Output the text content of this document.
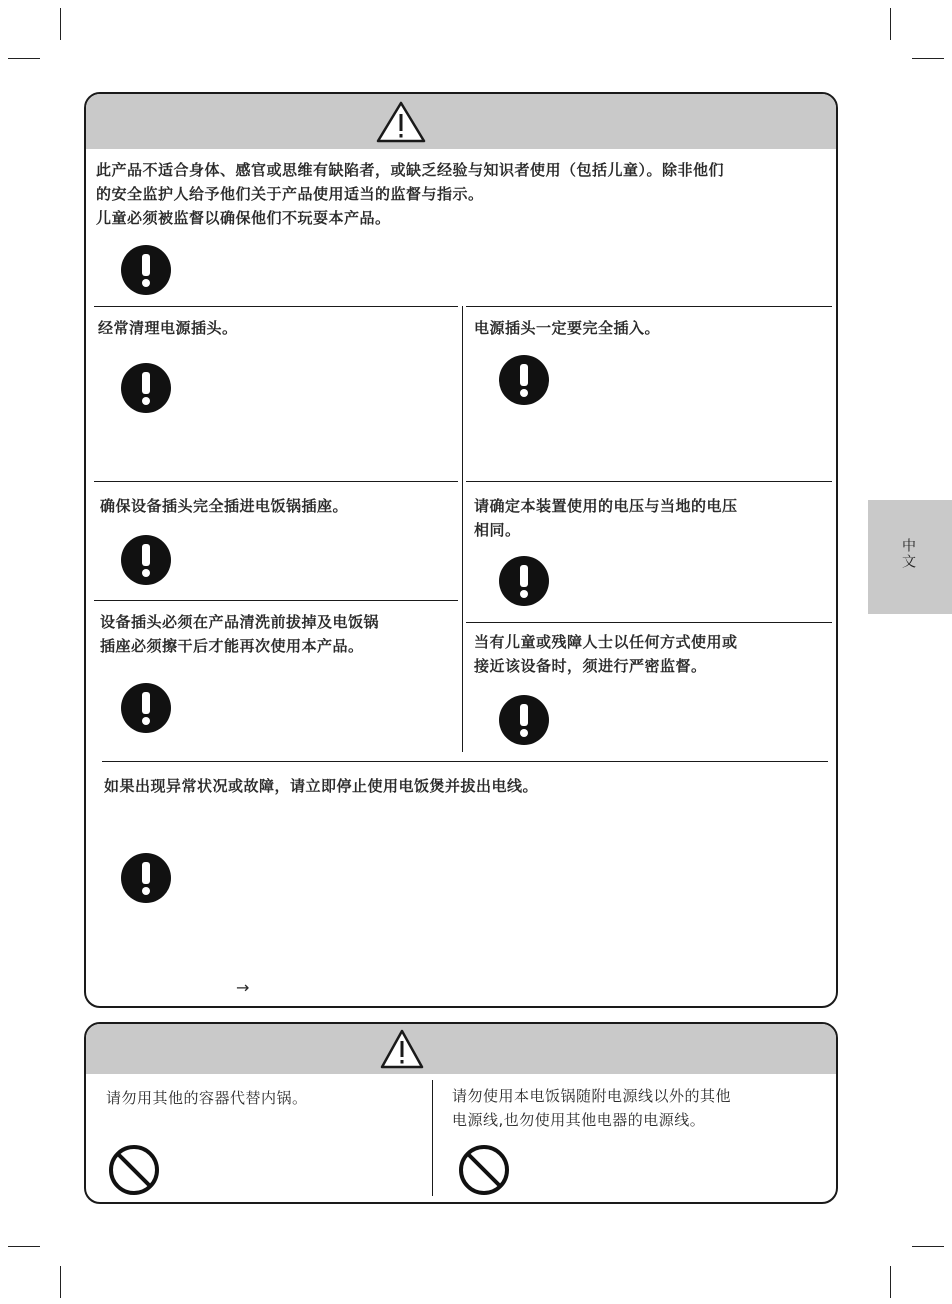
中文
此产品不适合身体、感官或思维有缺陷者，或缺乏经验与知识者使用（包括儿童）。除非他们
的安全监护人给予他们关于产品使用适当的监督与指示。
儿童必须被监督以确保他们不玩耍本产品。
经常清理电源插头。	电源插头一定要完全插入。
确保设备插头完全插进电饭锅插座。	请确定本装置使用的电压与当地的电压
相同。
设备插头必须在产品清洗前拔掉及电饭锅
插座必须擦干后才能再次使用本产品。	当有儿童或残障人士以任何方式使用或
接近该设备时，须进行严密监督。
如果出现异常状况或故障，请立即停止使用电饭煲并拔出电线。
→
请勿用其他的容器代替内锅。	请勿使用本电饭锅随附电源线以外的其他
电源线,也勿使用其他电器的电源线。
